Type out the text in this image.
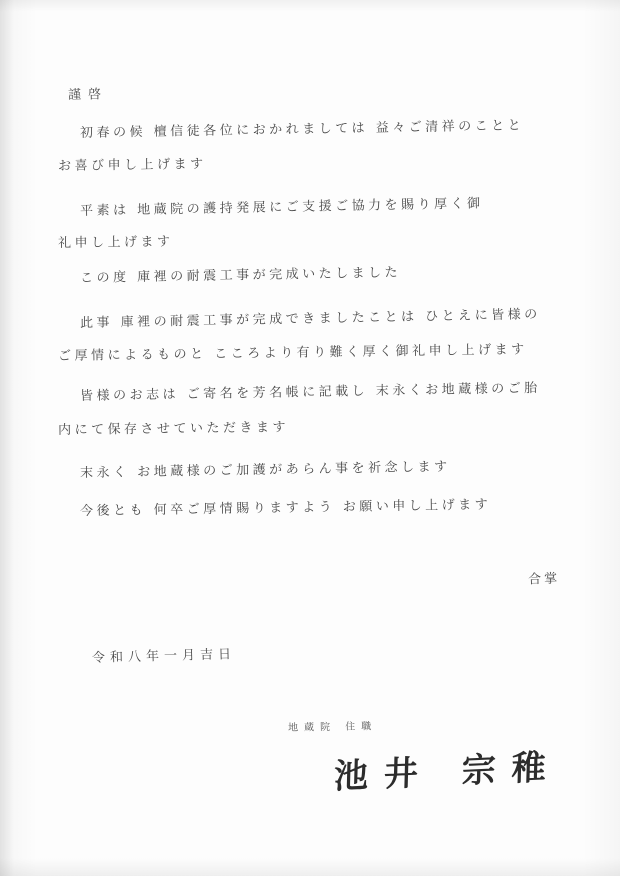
謹啓
初春の候 檀信徒各位におかれましては 益々ご清祥のことと
お喜び申し上げます
平素は 地蔵院の護持発展にご支援ご協力を賜り厚く御
礼申し上げます
この度 庫裡の耐震工事が完成いたしました
此事 庫裡の耐震工事が完成できましたことは ひとえに皆様の
ご厚情によるものと こころより有り難く厚く御礼申し上げます
皆様のお志は ご寄名を芳名帳に記載し 末永くお地蔵様のご胎
内にて保存させていただきます
末永く お地蔵様のご加護があらん事を祈念します
今後とも 何卒ご厚情賜りますよう お願い申し上げます
合掌
令和八年一月吉日
地蔵院 住職
池井 宗稚
